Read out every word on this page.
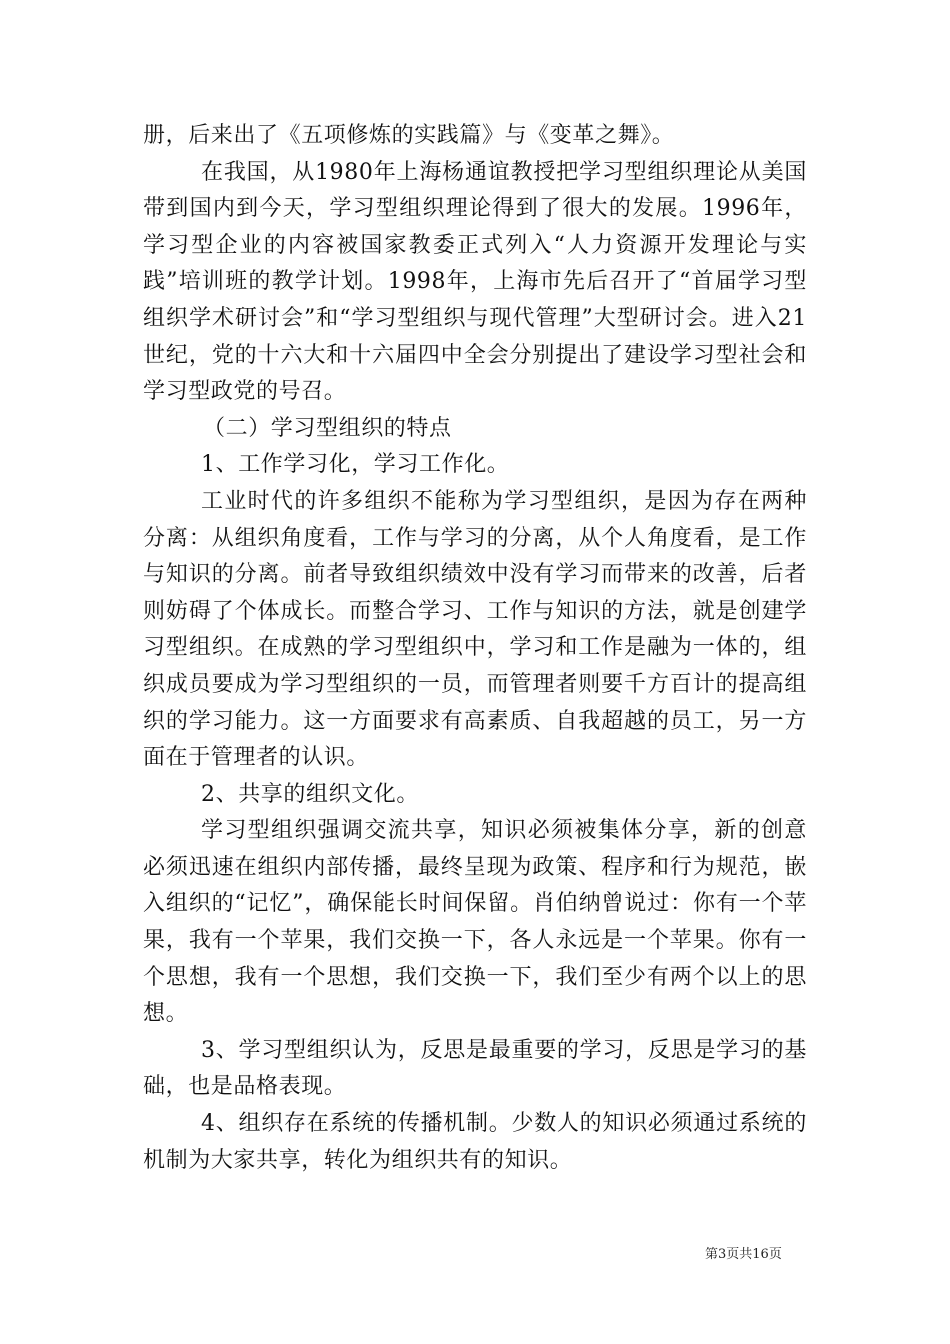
册，后来出了《五项修炼的实践篇》与《变革之舞》。

在我国，从1980年上海杨通谊教授把学习型组织理论从美国带到国内到今天，学习型组织理论得到了很大的发展。1996年，学习型企业的内容被国家教委正式列入“人力资源开发理论与实践”培训班的教学计划。1998年，上海市先后召开了“首届学习型组织学术研讨会”和“学习型组织与现代管理”大型研讨会。进入21世纪，党的十六大和十六届四中全会分别提出了建设学习型社会和学习型政党的号召。

（二）学习型组织的特点

1、工作学习化，学习工作化。

工业时代的许多组织不能称为学习型组织，是因为存在两种分离：从组织角度看，工作与学习的分离，从个人角度看，是工作与知识的分离。前者导致组织绩效中没有学习而带来的改善，后者则妨碍了个体成长。而整合学习、工作与知识的方法，就是创建学习型组织。在成熟的学习型组织中，学习和工作是融为一体的，组织成员要成为学习型组织的一员，而管理者则要千方百计的提高组织的学习能力。这一方面要求有高素质、自我超越的员工，另一方面在于管理者的认识。

2、共享的组织文化。

学习型组织强调交流共享，知识必须被集体分享，新的创意必须迅速在组织内部传播，最终呈现为政策、程序和行为规范，嵌入组织的“记忆”，确保能长时间保留。肖伯纳曾说过：你有一个苹果，我有一个苹果，我们交换一下，各人永远是一个苹果。你有一个思想，我有一个思想，我们交换一下，我们至少有两个以上的思想。

3、学习型组织认为，反思是最重要的学习，反思是学习的基础，也是品格表现。

4、组织存在系统的传播机制。少数人的知识必须通过系统的机制为大家共享，转化为组织共有的知识。

第3页共16页
